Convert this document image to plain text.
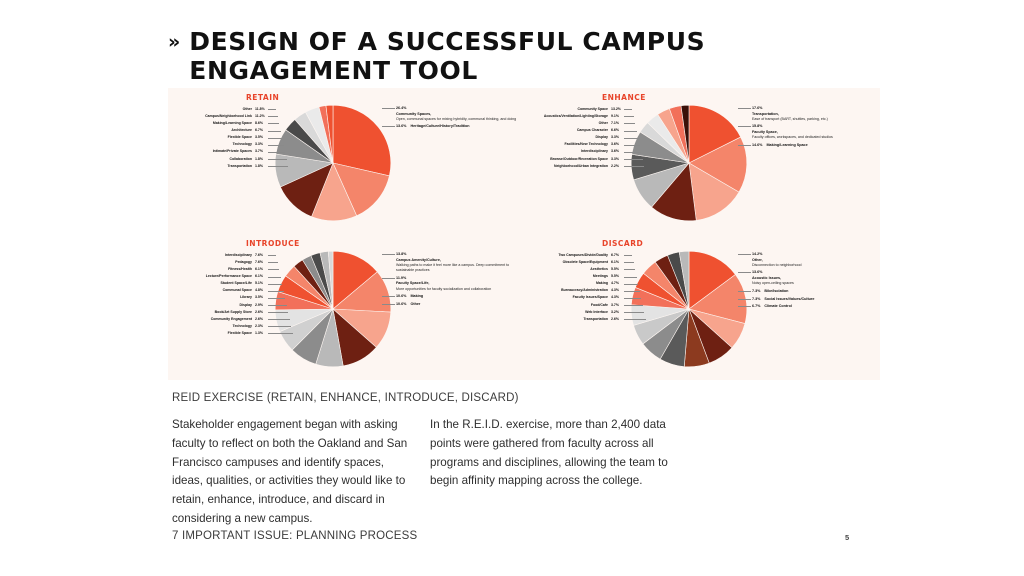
» DESIGN OF A SUCCESSFUL CAMPUS ENGAGEMENT TOOL
RETAIN
Other 11.8%
Campus/Neighborhood Link 11.2%
Making/Learning Space 8.6%
Architecture 6.7%
Flexible Space 3.5%
Technology 3.3%
Intimate/Private Spaces 3.7%
Collaboration 1.8%
Transportation 1.8%
26.4%
Community Spaces,
Open, communal spaces for mixing hybridity, communal thinking, and doing
13.6% Heritage/Culture/History/Tradition
ENHANCE
Community Space 13.2%
Acoustics/Ventilation/Lighting/Storage 9.1%
Other 7.1%
Campus Character 6.6%
Display 3.3%
Facilities/New Technology 3.6%
Interdisciplinary 3.6%
Browse/Outdoor/Recreation Space 3.3%
Neighborhood/Urban Integration 2.2%
17.6%
Transportation,
Ease of transport (BART, shuttles, parking, etc.)
15.8%
Faculty Space,
Faculty offices, workspaces, and dedicated studios
14.6% Making/Learning Space
INTRODUCE
Interdisciplinary 7.6%
Pedagogy 7.6%
Fitness/Health 6.1%
Lecture/Performance Space 6.1%
Student Space/Life 5.1%
Communal Space 4.8%
Library 3.5%
Display 2.9%
Book/Art Supply Store 2.6%
Community Engagement 2.6%
Technology 2.3%
Flexible Space 1.3%
13.8%
Campus Amenity/Culture,
Walking paths to make it feel more like a campus. Deep commitment to sustainable practices
11.9%
Faculty Space/Life,
More opportunities for faculty socialization and collaboration
10.6% Making
10.6% Other
DISCARD
Two Campuses/Divide/Duality 6.7%
Obsolete Space/Equipment 6.1%
Aesthetics 5.5%
Meetings 5.5%
Making 4.7%
Bureaucracy/Administration 4.3%
Faculty Issues/Space 4.3%
Food/Cafe 3.7%
Web Interface 3.2%
Transportation 2.6%
14.2%
Other,
Disconnection to neighborhood
13.6%
Acoustic Issues,
Noisy open-ceiling spaces
7.3% Bike/Isolation
7.3% Social Issues/Values/Culture
6.7% Climate Control
REID EXERCISE (RETAIN, ENHANCE, INTRODUCE, DISCARD)
Stakeholder engagement began with asking faculty to reflect on both the Oakland and San Francisco campuses and identify spaces, ideas, qualities, or activities they would like to retain, enhance, introduce, and discard in considering a new campus.
In the R.E.I.D. exercise, more than 2,400 data points were gathered from faculty across all programs and disciplines, allowing the team to begin affinity mapping across the college.
7 IMPORTANT ISSUE: PLANNING PROCESS	5
